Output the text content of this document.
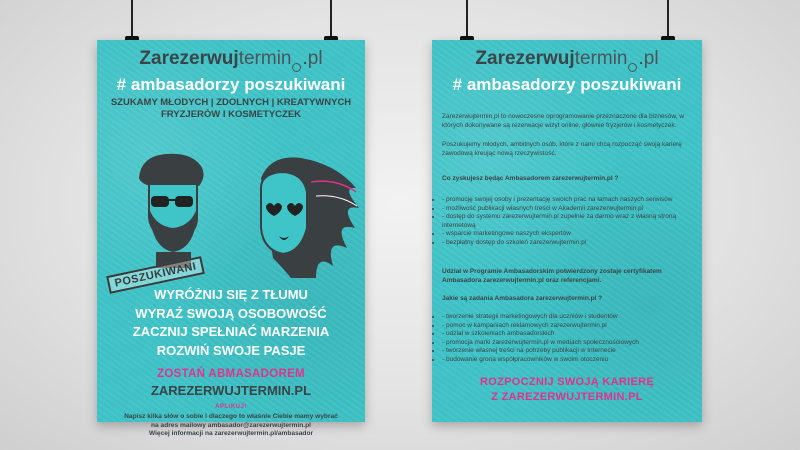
Zarezerwujtermin .pl
# ambasadorzy poszukiwani
SZUKAMY MŁODYCH | ZDOLNYCH | KREATYWNYCH
FRYZJERÓW I KOSMETYCZEK
POSZUKIWANI
WYRÓŻNIJ SIĘ Z TŁUMU
WYRAŹ SWOJĄ OSOBOWOŚĆ
ZACZNIJ SPEŁNIAĆ MARZENIA
ROZWIŃ SWOJE PASJE
ZOSTAŃ ABMASADOREM
ZAREZERWUJTERMIN.PL
APLIKUJ!
Napisz kilka słów o sobie i dlaczego to właśnie Ciebie mamy wybrać
na adres mailowy ambasador@zarezerwujtermin.pl
Więcej informacji na zarezerwujtermin.pl/ambasador
Zarezerwujtermin .pl
# ambasadorzy poszukiwani
Zarezerwujtermin.pl to nowoczesne oprogramowanie przeznaczone dla biznesów, w których dokonywane są rezerwacje wizyt online, głównie fryzjerów i kosmetyczek.
Poszukujemy młodych, ambitnych osób, które z nami chcą rozpocząć swoją karierę zawodową kreując nową rzeczywistość.
Co zyskujesz będąc Ambasadorem zarezerwujtermin.pl ?
• - promocję swojej osoby i prezentację swoich prac na łamach naszych serwisów
• - możliwość publikacji własnych treści w Akademii zarezerwujtermin.pl
• - dostęp do systemu zarezerwujtermin.pl zupełnie za darmo wraz z własną stroną internetową
• - wsparcie marketingowe naszych ekspertów
• - bezpłatny dostęp do szkoleń zarezerwujtermin.pl
Udział w Programie Ambasadorskim potwierdzony zostaje certyfikatem Ambasadora zarezerwujtermin.pl oraz referencjami.
Jakie są zadania Ambasadora zarezerwujtermin.pl ?
• - tworzenie strategii marketingowych dla uczniów i studentów
• - pomoc w kampaniach reklamowych zarezerwujtermin.pl
• - udział w szkoleniach ambasadorskich
• - promocja marki zarezerwujtermin.pl w mediach społecznościowych
• - tworzenie własnej treści na potrzeby publikacji w Internecie
• - budowanie grona współpracowników w swoim otoczeniu
ROZPOCZNIJ SWOJĄ KARIERĘ
Z ZAREZERWUJTERMIN.PL
